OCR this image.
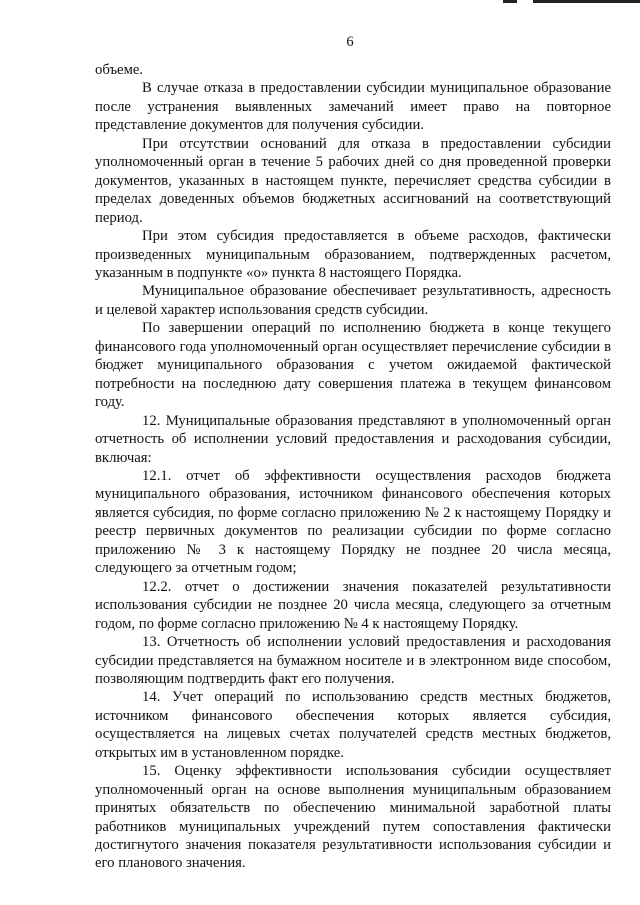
6

объеме.

В случае отказа в предоставлении субсидии муниципальное образование после устранения выявленных замечаний имеет право на повторное представление документов для получения субсидии.

При отсутствии оснований для отказа в предоставлении субсидии уполномоченный орган в течение 5 рабочих дней со дня проведенной проверки документов, указанных в настоящем пункте, перечисляет средства субсидии в пределах доведенных объемов бюджетных ассигнований на соответствующий период.

При этом субсидия предоставляется в объеме расходов, фактически произведенных муниципальным образованием, подтвержденных расчетом, указанным в подпункте «о» пункта 8 настоящего Порядка.

Муниципальное образование обеспечивает результативность, адресность и целевой характер использования средств субсидии.

По завершении операций по исполнению бюджета в конце текущего финансового года уполномоченный орган осуществляет перечисление субсидии в бюджет муниципального образования с учетом ожидаемой фактической потребности на последнюю дату совершения платежа в текущем финансовом году.

12. Муниципальные образования представляют в уполномоченный орган отчетность об исполнении условий предоставления и расходования субсидии, включая:

12.1. отчет об эффективности осуществления расходов бюджета муниципального образования, источником финансового обеспечения которых является субсидия, по форме согласно приложению № 2 к настоящему Порядку и реестр первичных документов по реализации субсидии по форме согласно приложению № 3 к настоящему Порядку не позднее 20 числа месяца, следующего за отчетным годом;

12.2. отчет о достижении значения показателей результативности использования субсидии не позднее 20 числа месяца, следующего за отчетным годом, по форме согласно приложению № 4 к настоящему Порядку.

13. Отчетность об исполнении условий предоставления и расходования субсидии представляется на бумажном носителе и в электронном виде способом, позволяющим подтвердить факт его получения.

14. Учет операций по использованию средств местных бюджетов, источником финансового обеспечения которых является субсидия, осуществляется на лицевых счетах получателей средств местных бюджетов, открытых им в установленном порядке.

15. Оценку эффективности использования субсидии осуществляет уполномоченный орган на основе выполнения муниципальным образованием принятых обязательств по обеспечению минимальной заработной платы работников муниципальных учреждений путем сопоставления фактически достигнутого значения показателя результативности использования субсидии и его планового значения.
